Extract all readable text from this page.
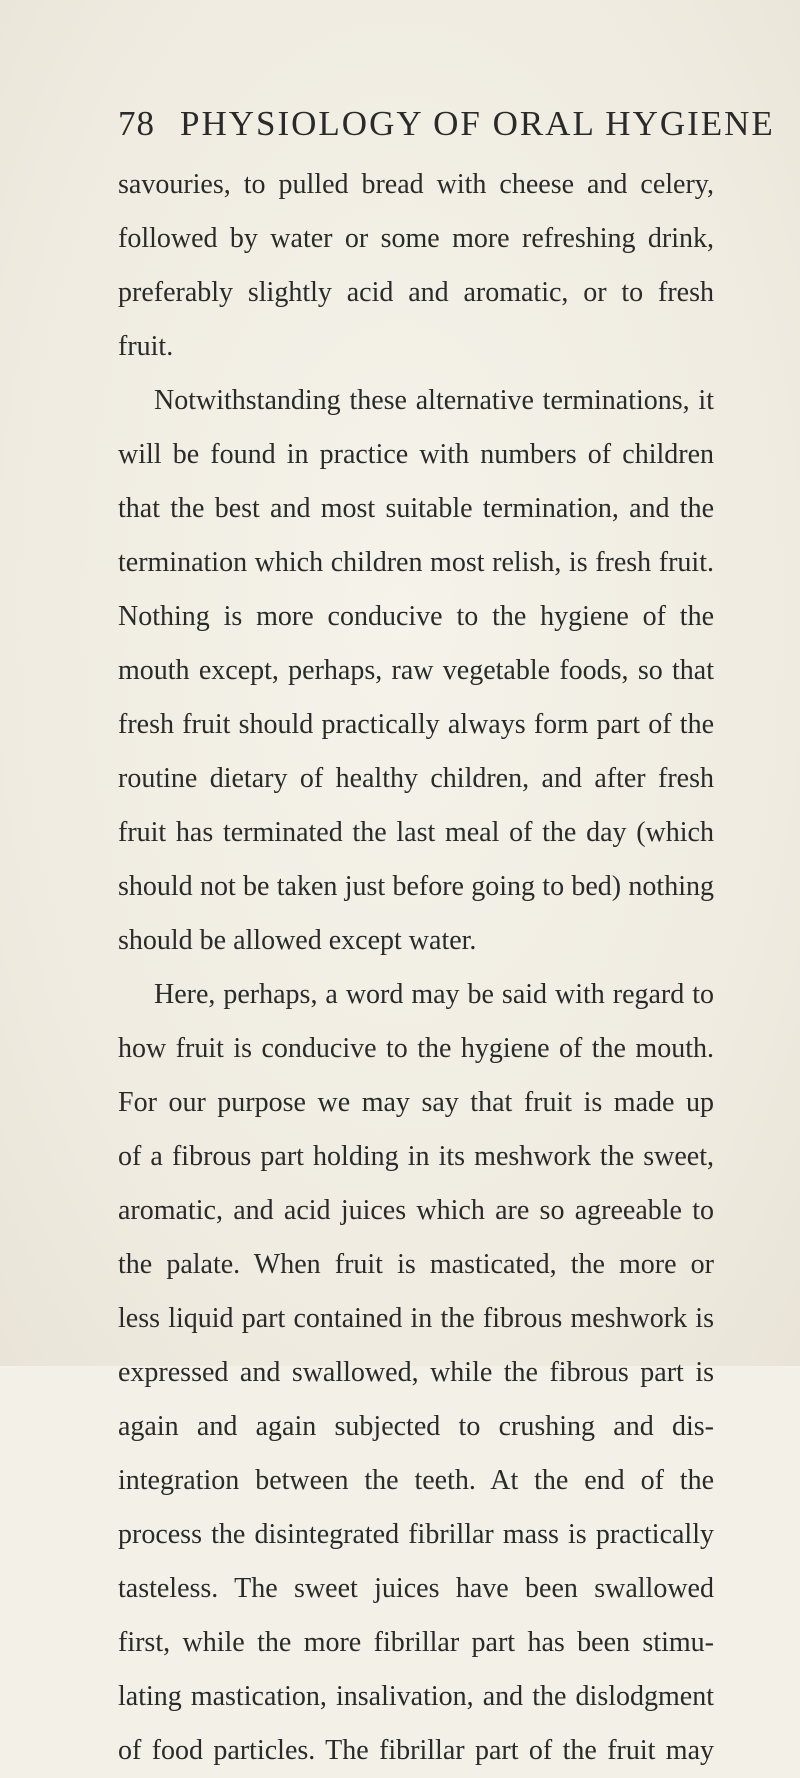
78 PHYSIOLOGY OF ORAL HYGIENE
savouries, to pulled bread with cheese and celery,
followed by water or some more refreshing drink,
preferably slightly acid and aromatic, or to fresh
fruit.
Notwithstanding these alternative terminations, it
will be found in practice with numbers of children
that the best and most suitable termination, and the
termination which children most relish, is fresh fruit.
Nothing is more conducive to the hygiene of the
mouth except, perhaps, raw vegetable foods, so that
fresh fruit should practically always form part of the
routine dietary of healthy children, and after fresh
fruit has terminated the last meal of the day (which
should not be taken just before going to bed) nothing
should be allowed except water.
Here, perhaps, a word may be said with regard to
how fruit is conducive to the hygiene of the mouth.
For our purpose we may say that fruit is made up
of a fibrous part holding in its meshwork the sweet,
aromatic, and acid juices which are so agreeable to
the palate. When fruit is masticated, the more or
less liquid part contained in the fibrous meshwork is
expressed and swallowed, while the fibrous part is
again and again subjected to crushing and dis-
integration between the teeth. At the end of the
process the disintegrated fibrillar mass is practically
tasteless. The sweet juices have been swallowed
first, while the more fibrillar part has been stimu-
lating mastication, insalivation, and the dislodgment
of food particles. The fibrillar part of the fruit may
